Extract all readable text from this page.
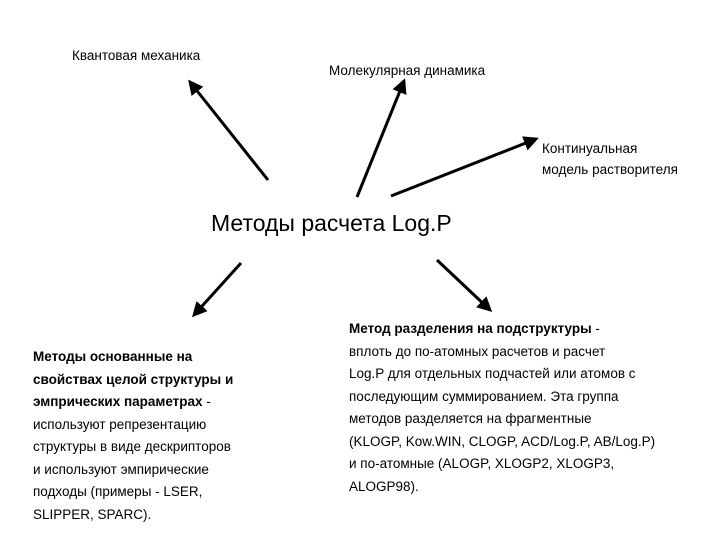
Квантовая механика
Молекулярная динамика
Континуальная
модель растворителя
Методы расчета Log.P
Методы основанные на
свойствах целой структуры и
эмпрических параметрах -
используют репрезентацию
структуры в виде дескрипторов
и используют эмпирические
подходы (примеры - LSER,
SLIPPER, SPARC).
Метод разделения на подструктуры -
вплоть до по-атомных расчетов и расчет
Log.P для отдельных подчастей или атомов с
последующим суммированием. Эта группа
методов разделяется на фрагментные
(KLOGP, Kow.WIN, CLOGP, ACD/Log.P, AB/Log.P)
и по-атомные (ALOGP, XLOGP2, XLOGP3,
ALOGP98).
